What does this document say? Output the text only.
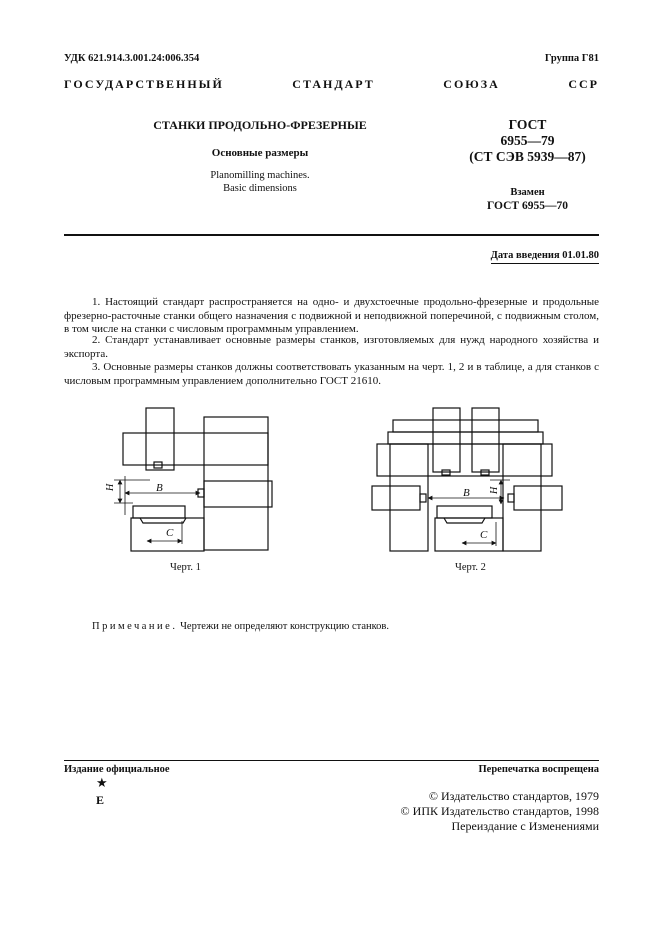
УДК 621.914.3.001.24:006.354	Группа Г81
ГОСУДАРСТВЕННЫЙ СТАНДАРТ СОЮЗА ССР
СТАНКИ ПРОДОЛЬНО-ФРЕЗЕРНЫЕ
Основные размеры
Planomilling machines.
Basic dimensions
ГОСТ
6955—79
(СТ СЭВ 5939—87)
Взамен
ГОСТ 6955—70
Дата введения 01.01.80
1. Настоящий стандарт распространяется на одно- и двухстоечные продольно-фрезерные и продольные фрезерно-расточные станки общего назначения с подвижной и неподвижной поперечиной, с подвижным столом, в том числе на станки с числовым программным управлением.
2. Стандарт устанавливает основные размеры станков, изготовляемых для нужд народного хозяйства и экспорта.
3. Основные размеры станков должны соответствовать указанным на черт. 1, 2 и в таблице, а для станков с числовым программным управлением дополнительно ГОСТ 21610.
B
H
C
B H
C
Черт. 1	Черт. 2
Примечание. Чертежи не определяют конструкцию станков.
Издание официальное
★
Е
Перепечатка воспрещена
© Издательство стандартов, 1979
© ИПК Издательство стандартов, 1998
Переиздание с Изменениями
